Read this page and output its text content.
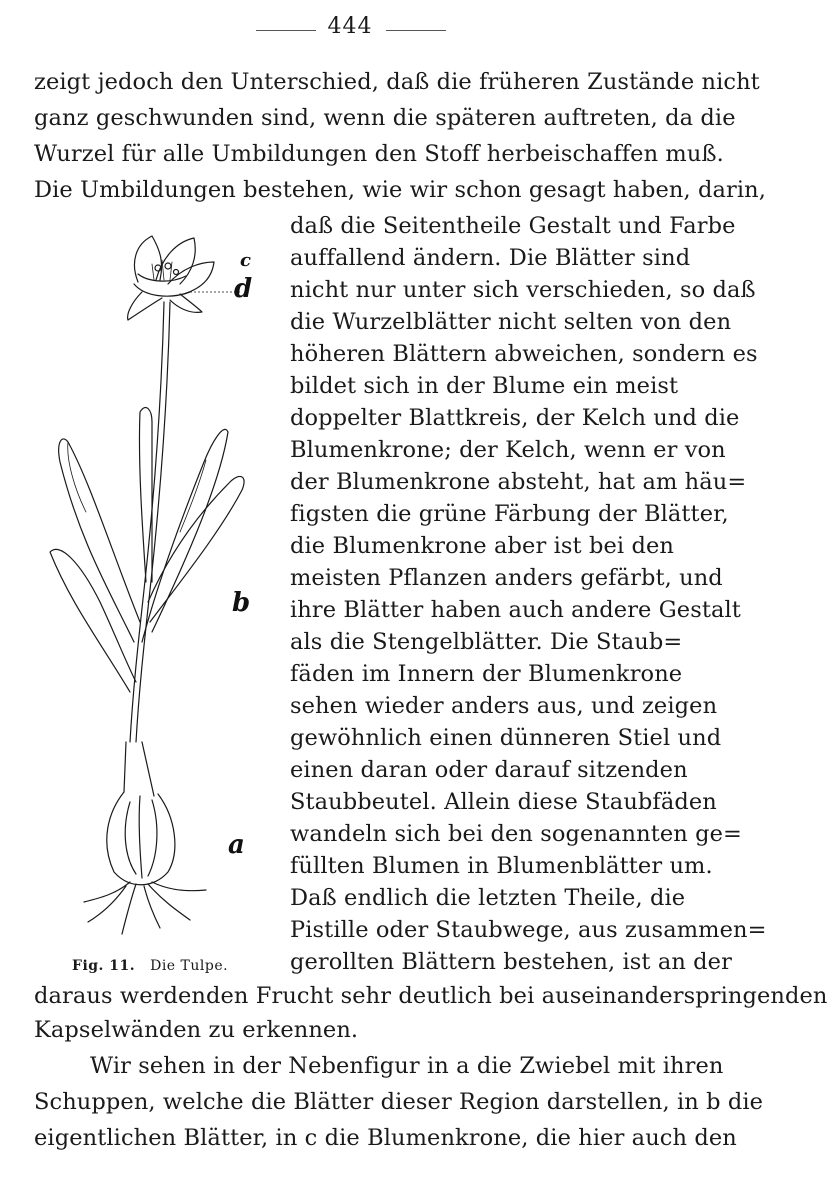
444
zeigt jedoch den Unterschied, daß die früheren Zustände nicht
ganz geschwunden sind, wenn die späteren auftreten, da die
Wurzel für alle Umbildungen den Stoff herbeischaffen muß.
Die Umbildungen bestehen, wie wir schon gesagt haben, darin,
daß die Seitentheile Gestalt und Farbe
auffallend ändern. Die Blätter sind
nicht nur unter sich verschieden, so daß
die Wurzelblätter nicht selten von den
höheren Blättern abweichen, sondern es
bildet sich in der Blume ein meist
doppelter Blattkreis, der Kelch und die
Blumenkrone; der Kelch, wenn er von
der Blumenkrone absteht, hat am häu=
figsten die grüne Färbung der Blätter,
die Blumenkrone aber ist bei den
meisten Pflanzen anders gefärbt, und
ihre Blätter haben auch andere Gestalt
als die Stengelblätter. Die Staub=
fäden im Innern der Blumenkrone
sehen wieder anders aus, und zeigen
gewöhnlich einen dünneren Stiel und
einen daran oder darauf sitzenden
Staubbeutel. Allein diese Staubfäden
wandeln sich bei den sogenannten ge=
füllten Blumen in Blumenblätter um.
Daß endlich die letzten Theile, die
Pistille oder Staubwege, aus zusammen=
gerollten Blättern bestehen, ist an der
daraus werdenden Frucht sehr deutlich bei auseinanderspringenden
Kapselwänden zu erkennen.
Wir sehen in der Nebenfigur in a die Zwiebel mit ihren
Schuppen, welche die Blätter dieser Region darstellen, in b die
eigentlichen Blätter, in c die Blumenkrone, die hier auch den
c
d
b
a
Fig. 11. Die Tulpe.
